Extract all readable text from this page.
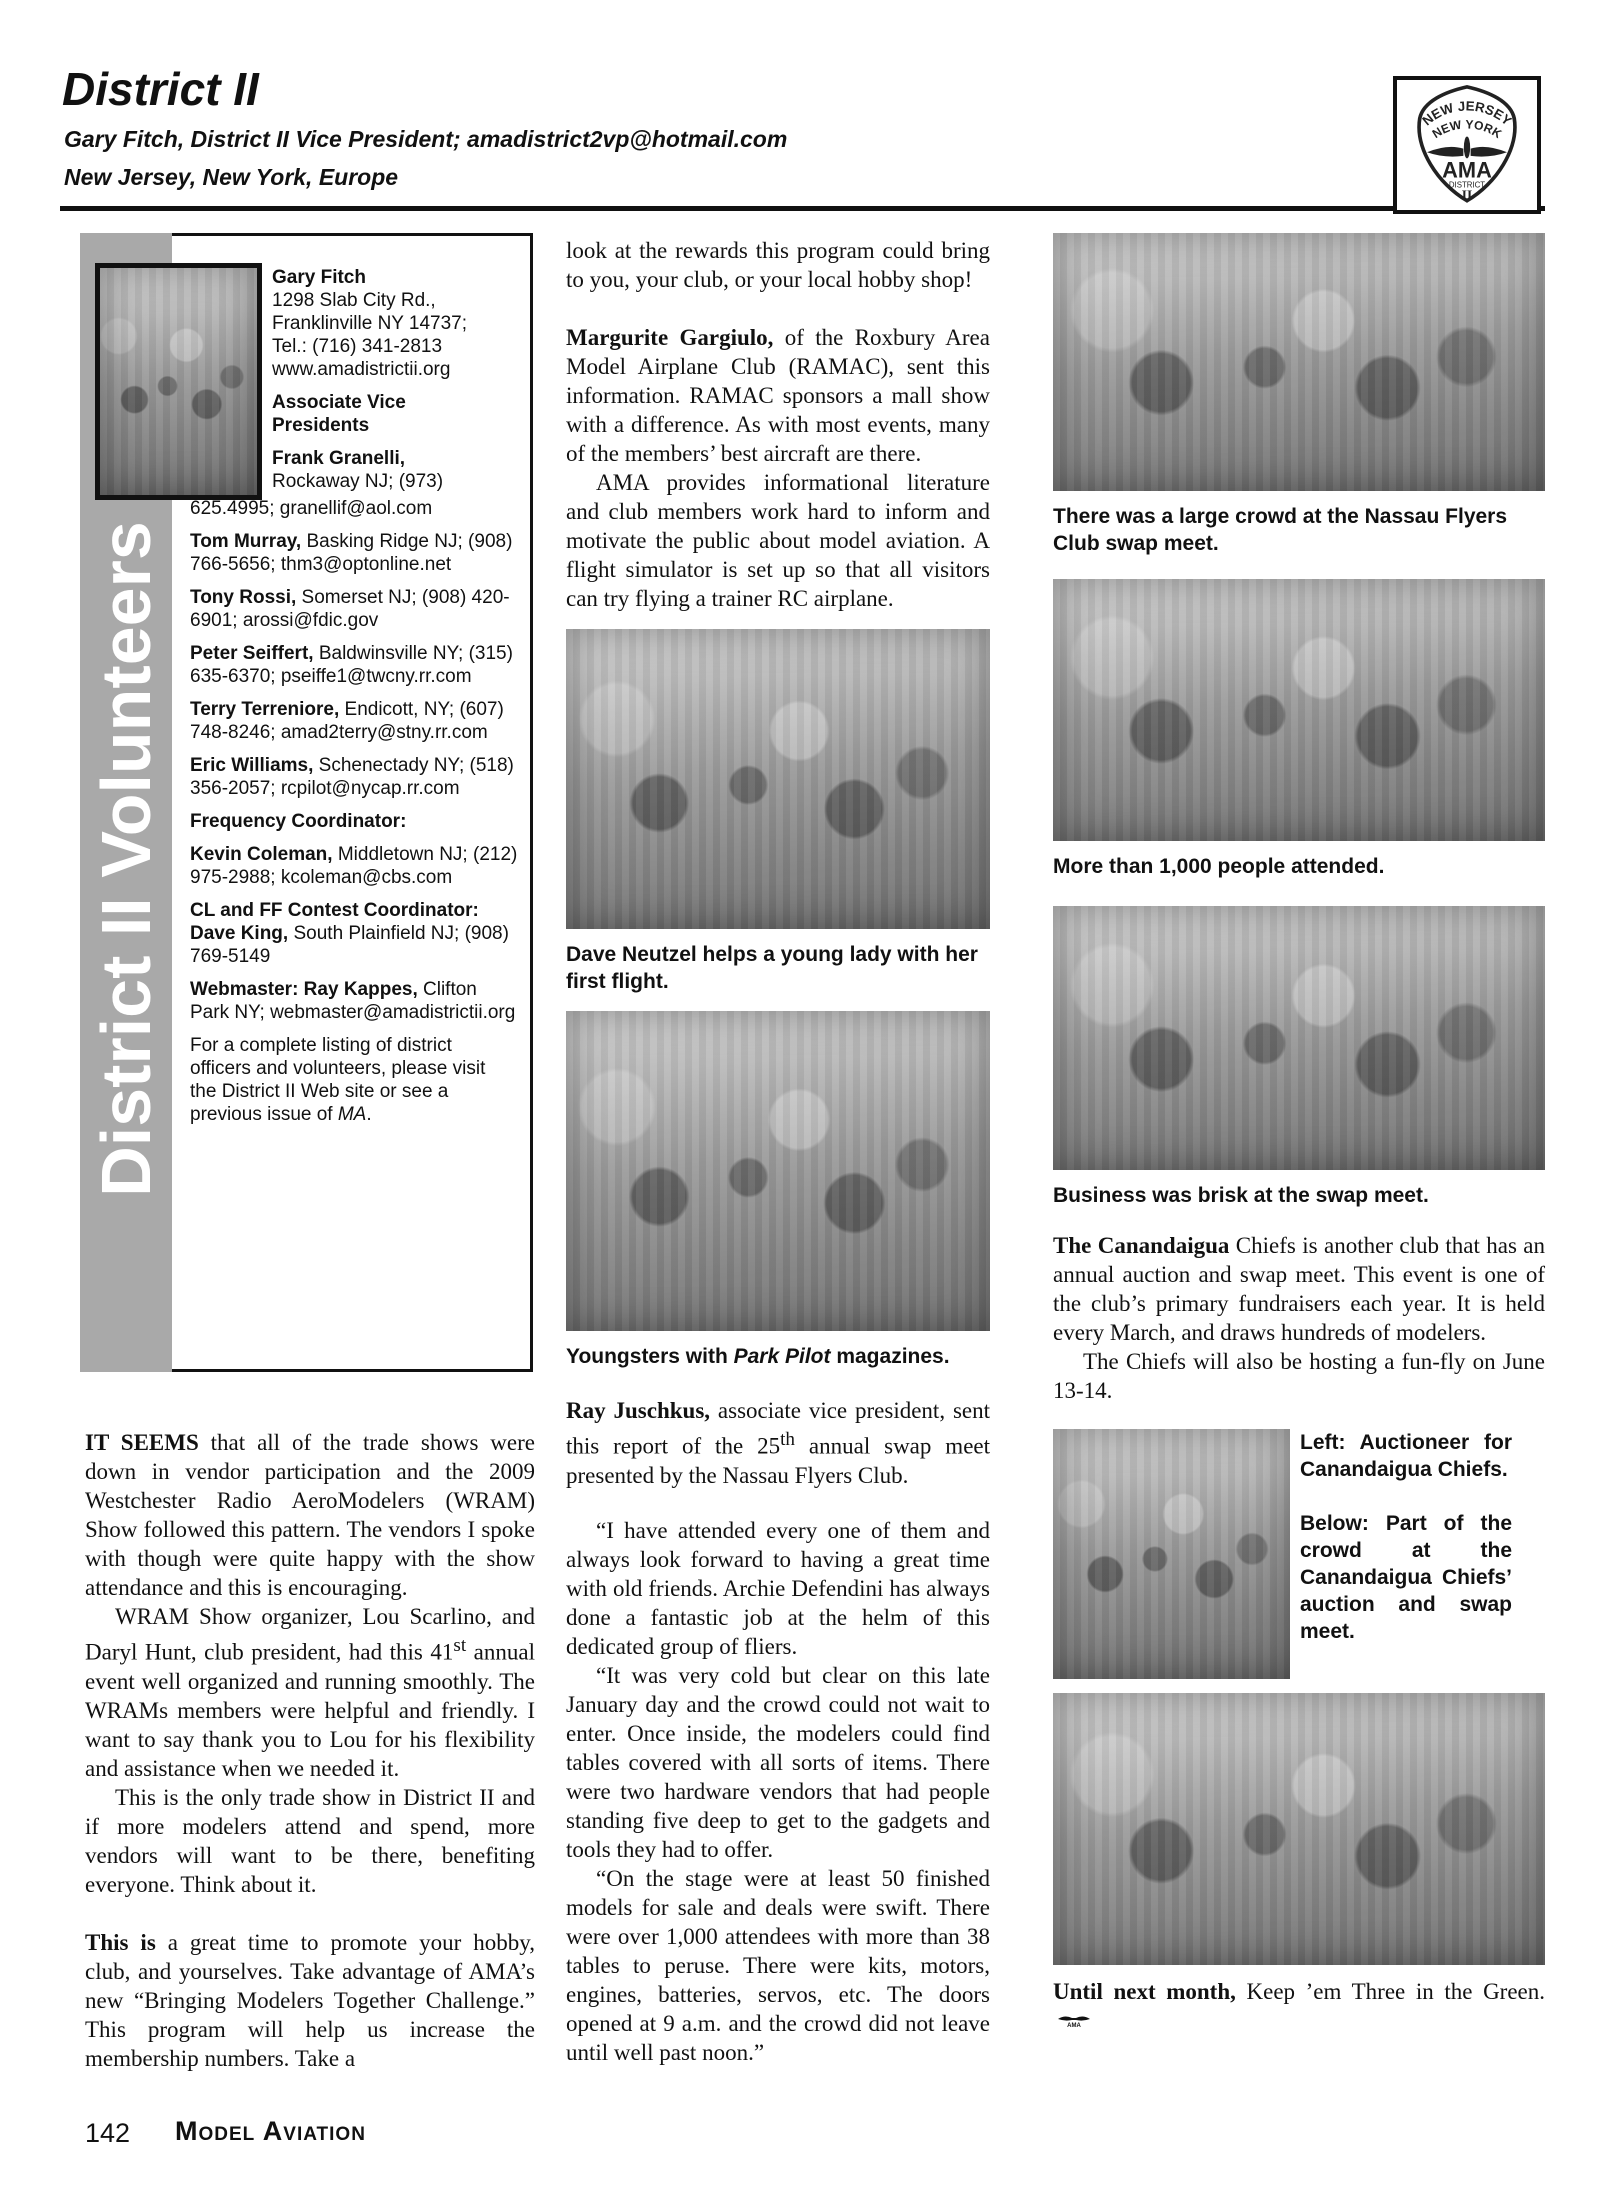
District II
Gary Fitch, District II Vice President; amadistrict2vp@hotmail.com
New Jersey, New York, Europe
NEW JERSEY
NEW YORK
AMA
DISTRICT
II
District II Volunteers
Gary Fitch
1298 Slab City Rd.,
Franklinville NY 14737;
Tel.: (716) 341-2813
www.amadistrictii.org
Associate Vice Presidents
Frank Granelli,
Rockaway NJ; (973)
625.4995; granellif@aol.com
Tom Murray, Basking Ridge NJ; (908) 766-5656; thm3@optonline.net
Tony Rossi, Somerset NJ; (908) 420-6901; arossi@fdic.gov
Peter Seiffert, Baldwinsville NY; (315) 635-6370; pseiffe1@twcny.rr.com
Terry Terreniore, Endicott, NY; (607) 748-8246; amad2terry@stny.rr.com
Eric Williams, Schenectady NY; (518) 356-2057; rcpilot@nycap.rr.com
Frequency Coordinator:
Kevin Coleman, Middletown NJ; (212) 975-2988; kcoleman@cbs.com
CL and FF Contest Coordinator: Dave King, South Plainfield NJ; (908) 769-5149
Webmaster: Ray Kappes, Clifton Park NY; webmaster@amadistrictii.org
For a complete listing of district officers and volunteers, please visit the District II Web site or see a previous issue of MA.

IT SEEMS that all of the trade shows were down in vendor participation and the 2009 Westchester Radio AeroModelers (WRAM) Show followed this pattern. The vendors I spoke with though were quite happy with the show attendance and this is encouraging.

WRAM Show organizer, Lou Scarlino, and Daryl Hunt, club president, had this 41st annual event well organized and running smoothly. The WRAMs members were helpful and friendly. I want to say thank you to Lou for his flexibility and assistance when we needed it.

This is the only trade show in District II and if more modelers attend and spend, more vendors will want to be there, benefiting everyone. Think about it.

This is a great time to promote your hobby, club, and yourselves. Take advantage of AMA’s new “Bringing Modelers Together Challenge.” This program will help us increase the membership numbers. Take a

look at the rewards this program could bring to you, your club, or your local hobby shop!

Margurite Gargiulo, of the Roxbury Area Model Airplane Club (RAMAC), sent this information. RAMAC sponsors a mall show with a difference. As with most events, many of the members’ best aircraft are there.

AMA provides informational literature and club members work hard to inform and motivate the public about model aviation. A flight simulator is set up so that all visitors can try flying a trainer RC airplane.

Dave Neutzel helps a young lady with her first flight.
Youngsters with Park Pilot magazines.

Ray Juschkus, associate vice president, sent this report of the 25th annual swap meet presented by the Nassau Flyers Club.

“I have attended every one of them and always look forward to having a great time with old friends. Archie Defendini has always done a fantastic job at the helm of this dedicated group of fliers.

“It was very cold but clear on this late January day and the crowd could not wait to enter. Once inside, the modelers could find tables covered with all sorts of items. There were two hardware vendors that had people standing five deep to get to the gadgets and tools they had to offer.

“On the stage were at least 50 finished models for sale and deals were swift. There were over 1,000 attendees with more than 38 tables to peruse. There were kits, motors, engines, batteries, servos, etc. The doors opened at 9 a.m. and the crowd did not leave until well past noon.”

There was a large crowd at the Nassau Flyers Club swap meet.
More than 1,000 people attended.
Business was brisk at the swap meet.

The Canandaigua Chiefs is another club that has an annual auction and swap meet. This event is one of the club’s primary fundraisers each year. It is held every March, and draws hundreds of modelers.

The Chiefs will also be hosting a fun-fly on June 13-14.

Left: Auctioneer for Canandaigua Chiefs.
Below: Part of the crowd at the Canandaigua Chiefs’ auction and swap meet.

Until next month, Keep ’em Three in the Green.
AMA

142 Model Aviation
